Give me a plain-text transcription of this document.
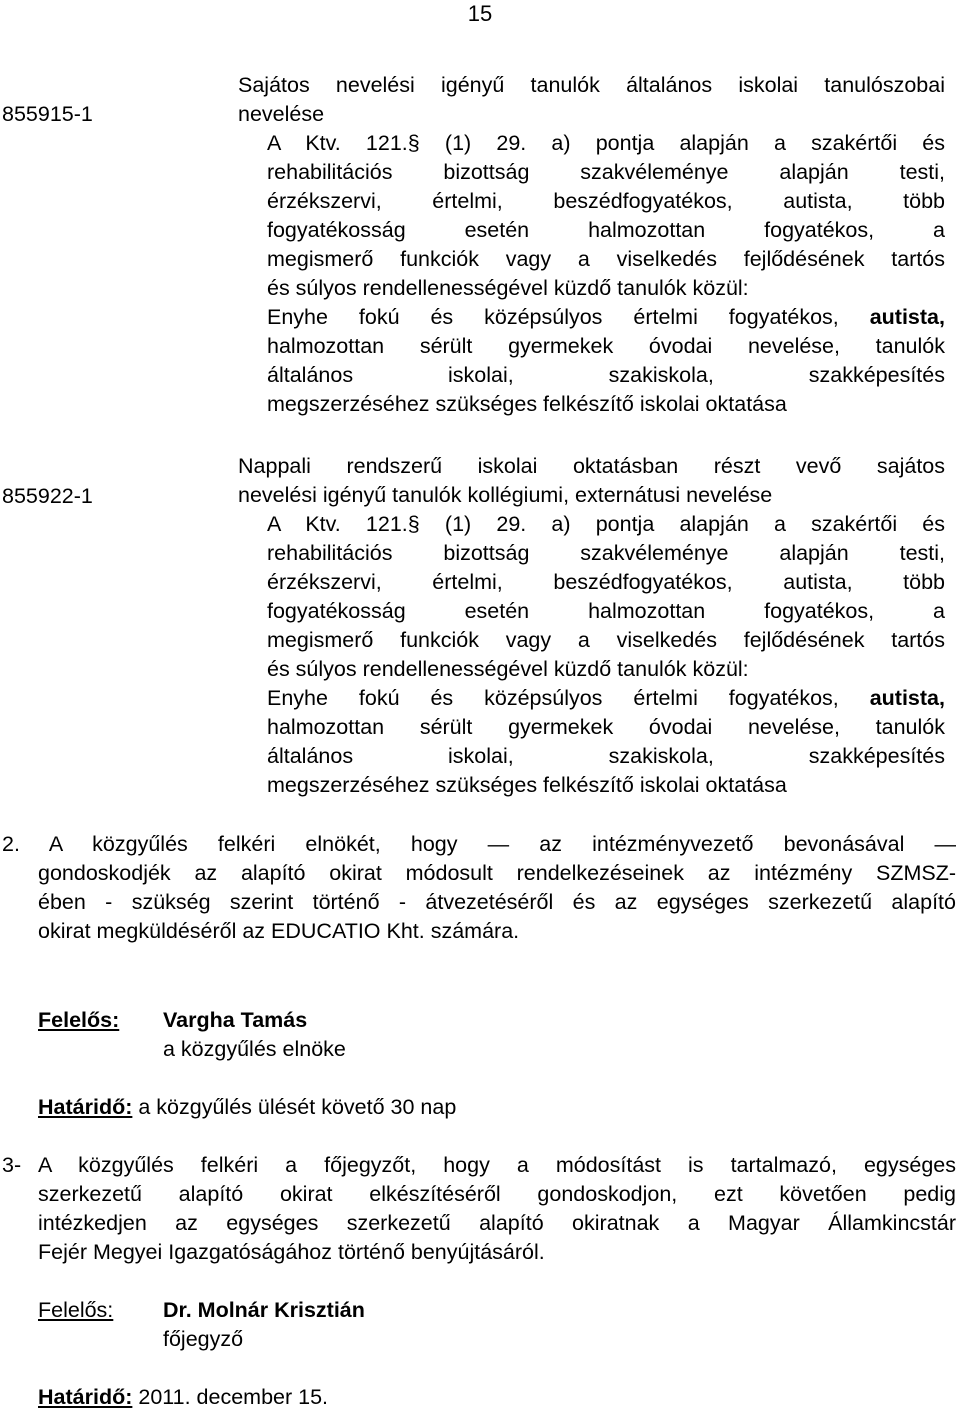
15
855915-1
Sajátos nevelési igényű tanulók általános iskolai tanulószobai
nevelése
A Ktv. 121.§ (1) 29. a) pontja alapján a szakértői és
rehabilitációs bizottság szakvéleménye alapján testi,
érzékszervi, értelmi, beszédfogyatékos, autista, több
fogyatékosság esetén halmozottan fogyatékos, a
megismerő funkciók vagy a viselkedés fejlődésének tartós
és súlyos rendellenességével küzdő tanulók közül:
Enyhe fokú és középsúlyos értelmi fogyatékos, autista,
halmozottan sérült gyermekek óvodai nevelése, tanulók
általános iskolai, szakiskola, szakképesítés
megszerzéséhez szükséges felkészítő iskolai oktatása
855922-1
Nappali rendszerű iskolai oktatásban részt vevő sajátos
nevelési igényű tanulók kollégiumi, externátusi nevelése
A Ktv. 121.§ (1) 29. a) pontja alapján a szakértői és
rehabilitációs bizottság szakvéleménye alapján testi,
érzékszervi, értelmi, beszédfogyatékos, autista, több
fogyatékosság esetén halmozottan fogyatékos, a
megismerő funkciók vagy a viselkedés fejlődésének tartós
és súlyos rendellenességével küzdő tanulók közül:
Enyhe fokú és középsúlyos értelmi fogyatékos, autista,
halmozottan sérült gyermekek óvodai nevelése, tanulók
általános iskolai, szakiskola, szakképesítés
megszerzéséhez szükséges felkészítő iskolai oktatása
2. A közgyűlés felkéri elnökét, hogy — az intézményvezető bevonásával —
gondoskodjék az alapító okirat módosult rendelkezéseinek az intézmény SZMSZ-
ében - szükség szerint történő - átvezetéséről és az egységes szerkezetű alapító
okirat megküldéséről az EDUCATIO Kht. számára.
Felelős: Vargha Tamás
a közgyűlés elnöke
Határidő: a közgyűlés ülését követő 30 nap
3- A közgyűlés felkéri a főjegyzőt, hogy a módosítást is tartalmazó, egységes
szerkezetű alapító okirat elkészítéséről gondoskodjon, ezt követően pedig
intézkedjen az egységes szerkezetű alapító okiratnak a Magyar Államkincstár
Fejér Megyei Igazgatóságához történő benyújtásáról.
Felelős: Dr. Molnár Krisztián
főjegyző
Határidő: 2011. december 15.
